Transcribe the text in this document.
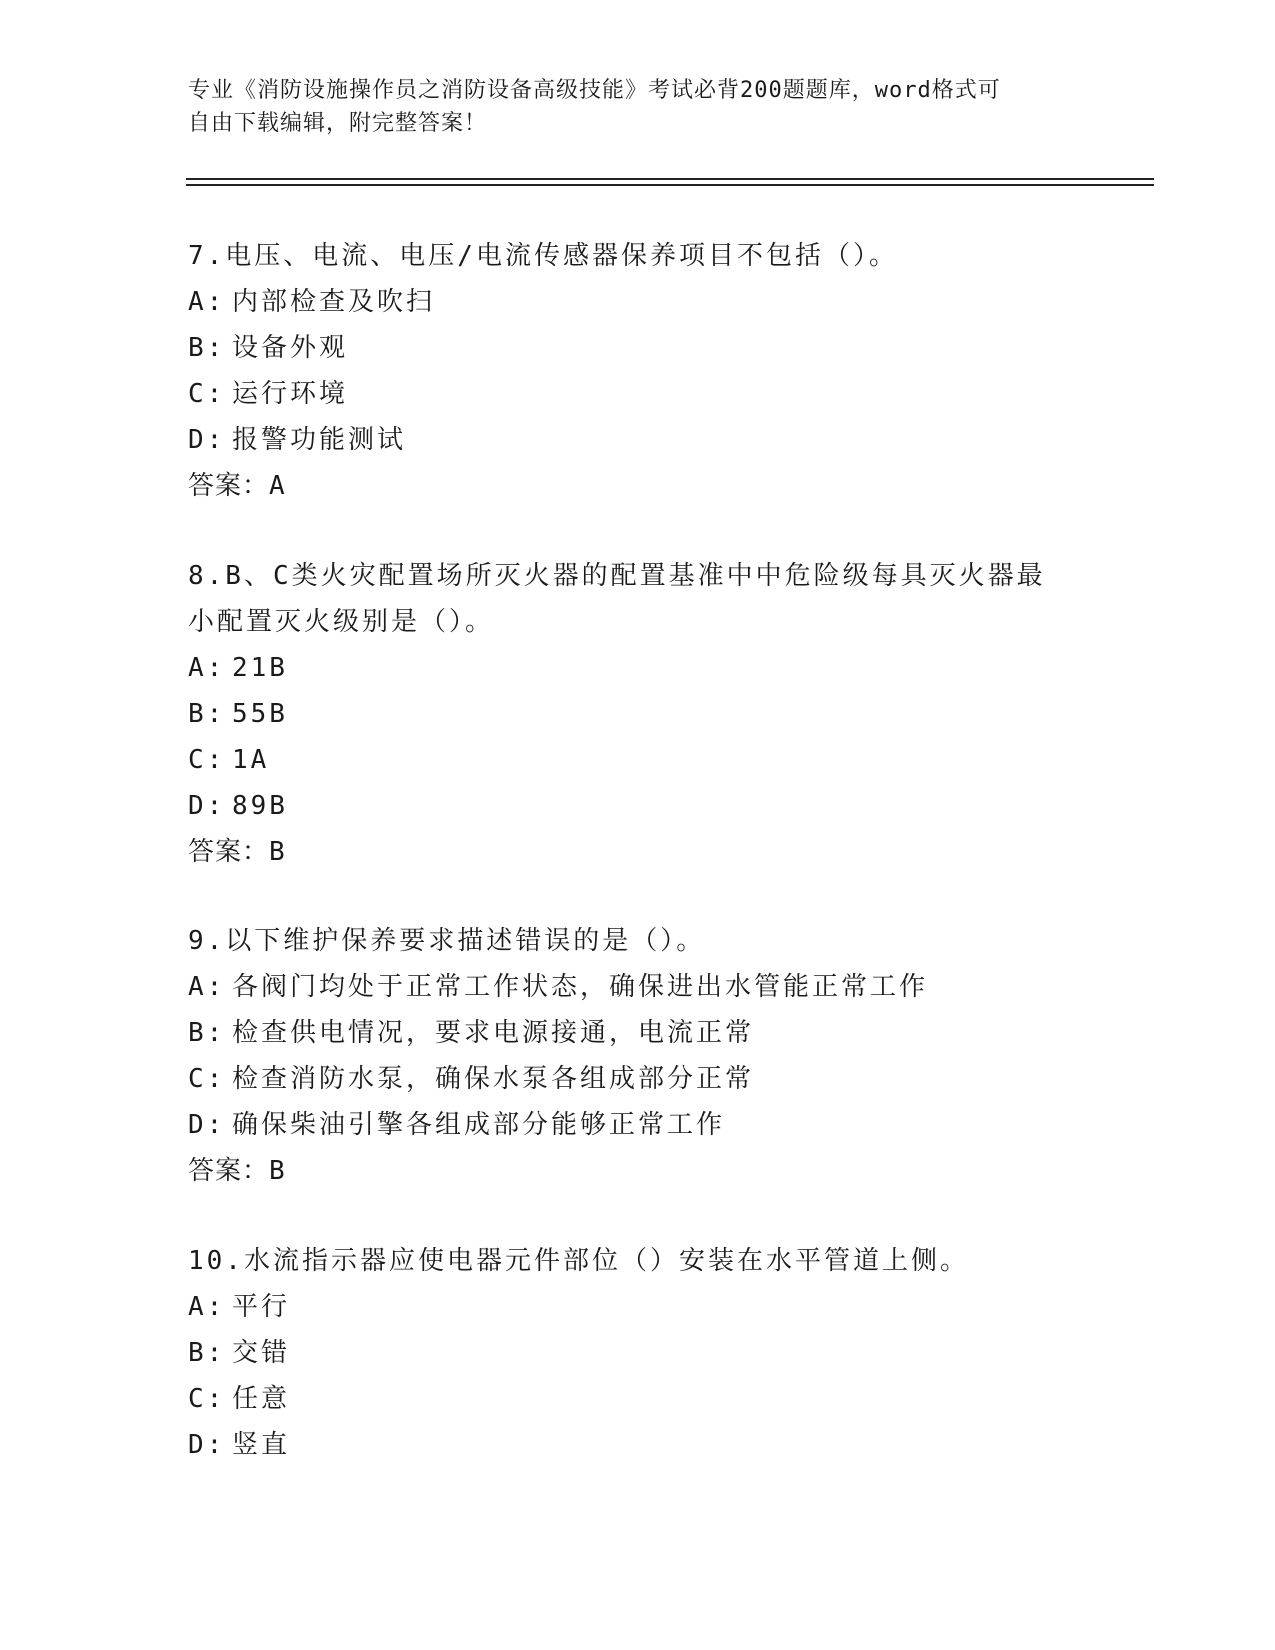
专业《消防设施操作员之消防设备高级技能》考试必背200题题库，word格式可
自由下载编辑，附完整答案！
7.电压、电流、电压/电流传感器保养项目不包括（）。
A: 内部检查及吹扫
B: 设备外观
C: 运行环境
D: 报警功能测试
答案：A
8.B、C类火灾配置场所灭火器的配置基准中中危险级每具灭火器最小配置灭火级别是（）。
A: 21B
B: 55B
C: 1A
D: 89B
答案：B
9.以下维护保养要求描述错误的是（）。
A: 各阀门均处于正常工作状态，确保进出水管能正常工作
B: 检查供电情况，要求电源接通，电流正常
C: 检查消防水泵，确保水泵各组成部分正常
D: 确保柴油引擎各组成部分能够正常工作
答案：B
10.水流指示器应使电器元件部位（）安装在水平管道上侧。
A: 平行
B: 交错
C: 任意
D: 竖直
